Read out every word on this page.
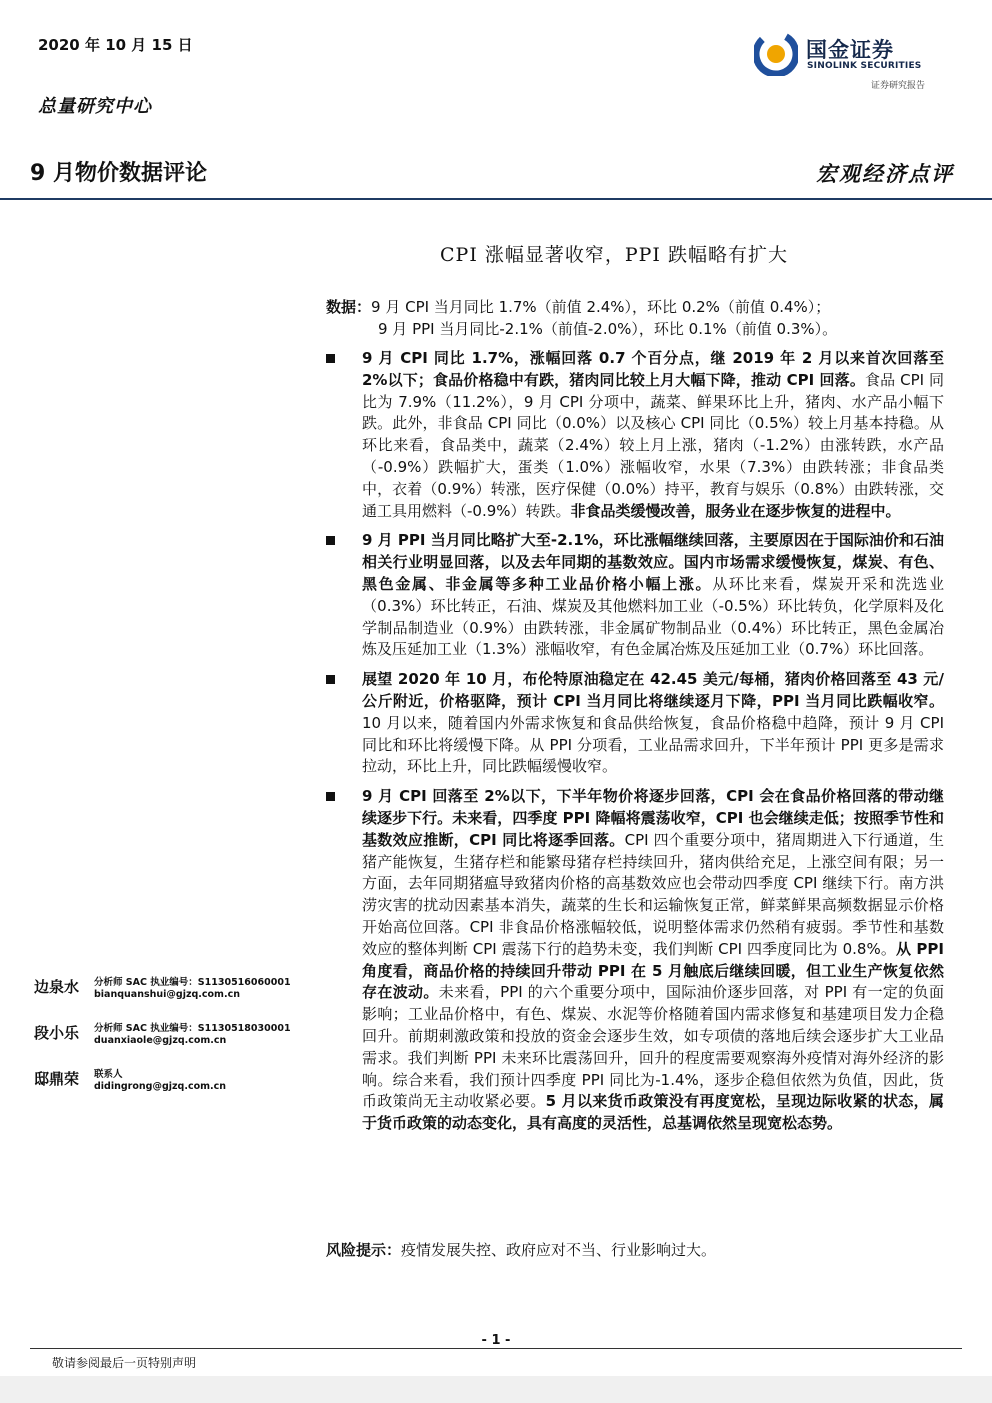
2020 年 10 月 15 日
总量研究中心
国金证券
SINOLINK SECURITIES
证券研究报告
9 月物价数据评论	宏观经济点评
CPI 涨幅显著收窄，PPI 跌幅略有扩大
数据：9 月 CPI 当月同比 1.7%（前值 2.4%），环比 0.2%（前值 0.4%）；
9 月 PPI 当月同比-2.1%（前值-2.0%），环比 0.1%（前值 0.3%）。
9 月 CPI 同比 1.7%，涨幅回落 0.7 个百分点，继 2019 年 2 月以来首次回落至 2%以下；食品价格稳中有跌，猪肉同比较上月大幅下降，推动 CPI 回落。食品 CPI 同比为 7.9%（11.2%），9 月 CPI 分项中，蔬菜、鲜果环比上升，猪肉、水产品小幅下跌。此外，非食品 CPI 同比（0.0%）以及核心 CPI 同比（0.5%）较上月基本持稳。从环比来看，食品类中，蔬菜（2.4%）较上月上涨，猪肉（-1.2%）由涨转跌，水产品（-0.9%）跌幅扩大，蛋类（1.0%）涨幅收窄，水果（7.3%）由跌转涨；非食品类中，衣着（0.9%）转涨，医疗保健（0.0%）持平，教育与娱乐（0.8%）由跌转涨，交通工具用燃料（-0.9%）转跌。非食品类缓慢改善，服务业在逐步恢复的进程中。
9 月 PPI 当月同比略扩大至-2.1%，环比涨幅继续回落，主要原因在于国际油价和石油相关行业明显回落，以及去年同期的基数效应。国内市场需求缓慢恢复，煤炭、有色、黑色金属、非金属等多种工业品价格小幅上涨。从环比来看，煤炭开采和洗选业（0.3%）环比转正，石油、煤炭及其他燃料加工业（-0.5%）环比转负，化学原料及化学制品制造业（0.9%）由跌转涨，非金属矿物制品业（0.4%）环比转正，黑色金属冶炼及压延加工业（1.3%）涨幅收窄，有色金属冶炼及压延加工业（0.7%）环比回落。
展望 2020 年 10 月，布伦特原油稳定在 42.45 美元/每桶，猪肉价格回落至 43 元/公斤附近，价格驱降，预计 CPI 当月同比将继续逐月下降，PPI 当月同比跌幅收窄。10 月以来，随着国内外需求恢复和食品供给恢复，食品价格稳中趋降，预计 9 月 CPI 同比和环比将缓慢下降。从 PPI 分项看，工业品需求回升，下半年预计 PPI 更多是需求拉动，环比上升，同比跌幅缓慢收窄。
9 月 CPI 回落至 2%以下，下半年物价将逐步回落，CPI 会在食品价格回落的带动继续逐步下行。未来看，四季度 PPI 降幅将震荡收窄，CPI 也会继续走低；按照季节性和基数效应推断，CPI 同比将逐季回落。CPI 四个重要分项中，猪周期进入下行通道，生猪产能恢复，生猪存栏和能繁母猪存栏持续回升，猪肉供给充足，上涨空间有限；另一方面，去年同期猪瘟导致猪肉价格的高基数效应也会带动四季度 CPI 继续下行。南方洪涝灾害的扰动因素基本消失，蔬菜的生长和运输恢复正常，鲜菜鲜果高频数据显示价格开始高位回落。CPI 非食品价格涨幅较低，说明整体需求仍然稍有疲弱。季节性和基数效应的整体判断 CPI 震荡下行的趋势未变，我们判断 CPI 四季度同比为 0.8%。从 PPI 角度看，商品价格的持续回升带动 PPI 在 5 月触底后继续回暖，但工业生产恢复依然存在波动。未来看，PPI 的六个重要分项中，国际油价逐步回落，对 PPI 有一定的负面影响；工业品价格中，有色、煤炭、水泥等价格随着国内需求修复和基建项目发力企稳回升。前期刺激政策和投放的资金会逐步生效，如专项债的落地后续会逐步扩大工业品需求。我们判断 PPI 未来环比震荡回升，回升的程度需要观察海外疫情对海外经济的影响。综合来看，我们预计四季度 PPI 同比为-1.4%，逐步企稳但依然为负值，因此，货币政策尚无主动收紧必要。5 月以来货币政策没有再度宽松，呈现边际收紧的状态，属于货币政策的动态变化，具有高度的灵活性，总基调依然呈现宽松态势。
风险提示：疫情发展失控、政府应对不当、行业影响过大。
边泉水 分析师 SAC 执业编号：S1130516060001
bianquanshui@gjzq.com.cn
段小乐 分析师 SAC 执业编号：S1130518030001
duanxiaole@gjzq.com.cn
邸鼎荣 联系人
didingrong@gjzq.com.cn
- 1 -
敬请参阅最后一页特别声明
